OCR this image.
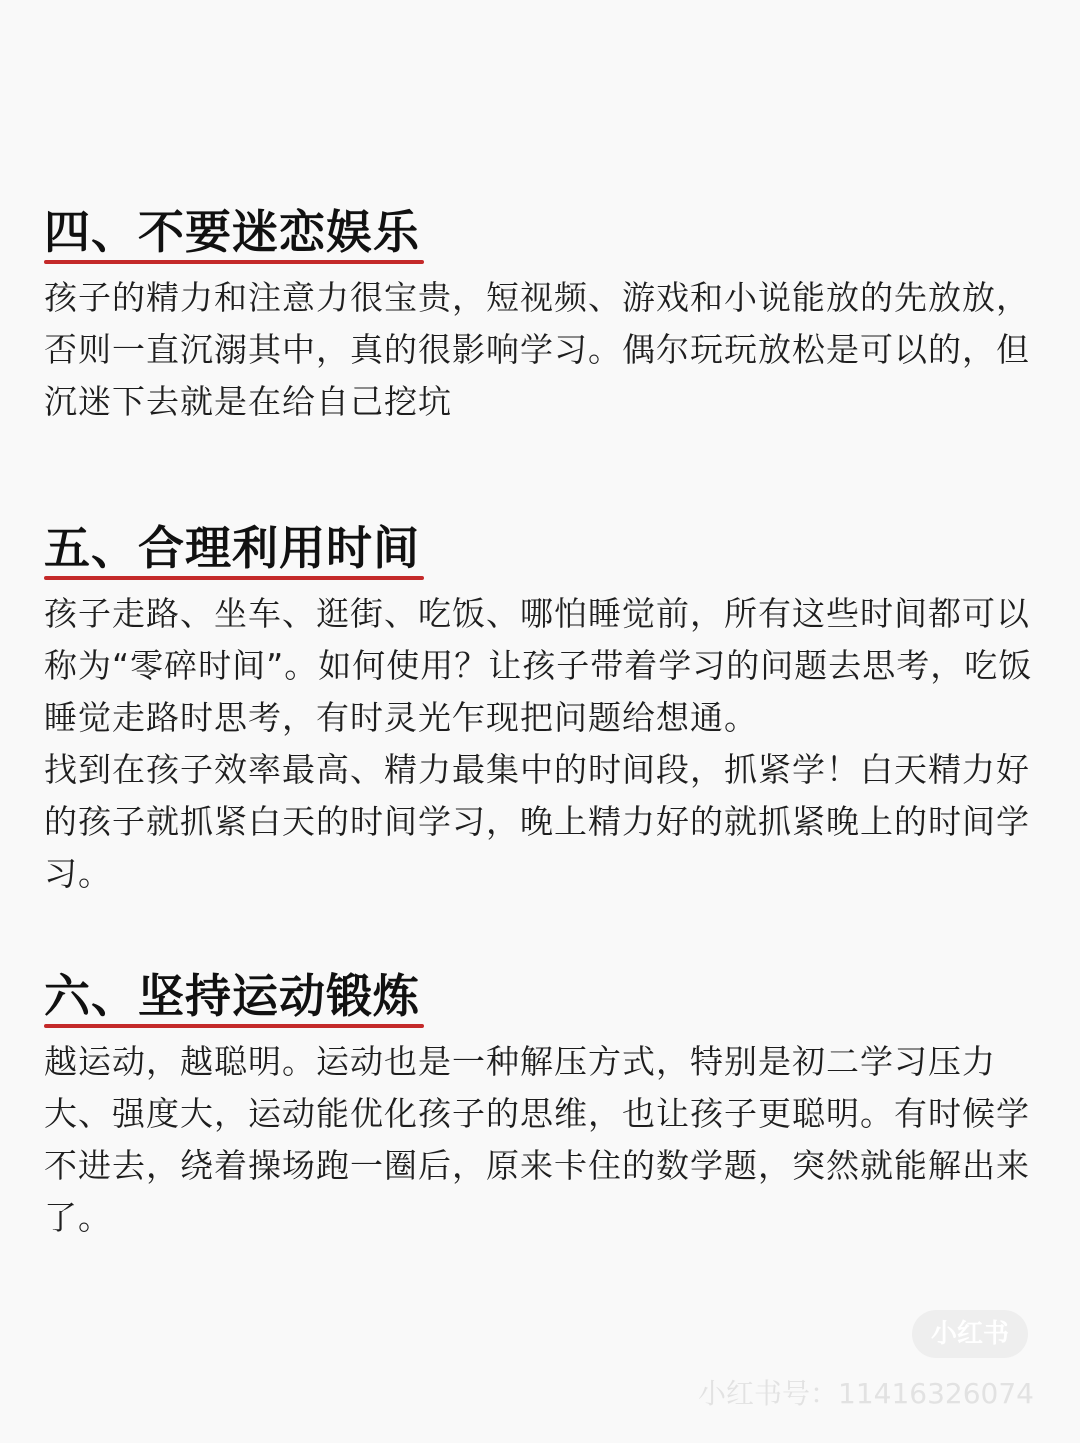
四、不要迷恋娱乐

孩子的精力和注意力很宝贵，短视频、游戏和小说能放的先放放，否则一直沉溺其中，真的很影响学习。偶尔玩玩放松是可以的，但沉迷下去就是在给自己挖坑

五、合理利用时间

孩子走路、坐车、逛街、吃饭、哪怕睡觉前，所有这些时间都可以称为“零碎时间”。如何使用？让孩子带着学习的问题去思考，吃饭睡觉走路时思考，有时灵光乍现把问题给想通。

找到在孩子效率最高、精力最集中的时间段，抓紧学！白天精力好的孩子就抓紧白天的时间学习，晚上精力好的就抓紧晚上的时间学习。

六、坚持运动锻炼

越运动，越聪明。运动也是一种解压方式，特别是初二学习压力大、强度大，运动能优化孩子的思维，也让孩子更聪明。有时候学不进去，绕着操场跑一圈后，原来卡住的数学题，突然就能解出来了。

小红书
小红书号：11416326074
